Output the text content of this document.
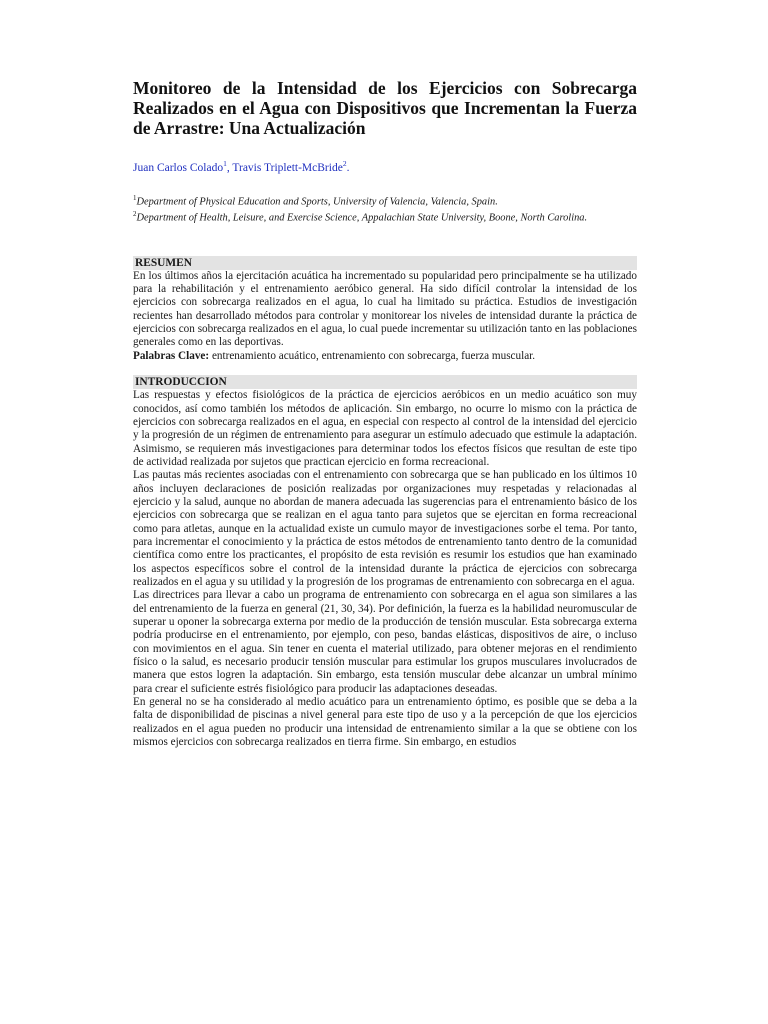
Monitoreo de la Intensidad de los Ejercicios con Sobrecarga Realizados en el Agua con Dispositivos que Incrementan la Fuerza de Arrastre: Una Actualización
Juan Carlos Colado$^1$, Travis Triplett-McBride$^2$.
$^1$Department of Physical Education and Sports, University of Valencia, Valencia, Spain.
$^2$Department of Health, Leisure, and Exercise Science, Appalachian State University, Boone, North Carolina.
RESUMEN

En los últimos años la ejercitación acuática ha incrementado su popularidad pero principalmente se ha utilizado para la rehabilitación y el entrenamiento aeróbico general. Ha sido difícil controlar la intensidad de los ejercicios con sobrecarga realizados en el agua, lo cual ha limitado su práctica. Estudios de investigación recientes han desarrollado métodos para controlar y monitorear los niveles de intensidad durante la práctica de ejercicios con sobrecarga realizados en el agua, lo cual puede incrementar su utilización tanto en las poblaciones generales como en las deportivas.

Palabras Clave: entrenamiento acuático, entrenamiento con sobrecarga, fuerza muscular.

INTRODUCCION

Las respuestas y efectos fisiológicos de la práctica de ejercicios aeróbicos en un medio acuático son muy conocidos, así como también los métodos de aplicación. Sin embargo, no ocurre lo mismo con la práctica de ejercicios con sobrecarga realizados en el agua, en especial con respecto al control de la intensidad del ejercicio y la progresión de un régimen de entrenamiento para asegurar un estímulo adecuado que estimule la adaptación. Asimismo, se requieren más investigaciones para determinar todos los efectos físicos que resultan de este tipo de actividad realizada por sujetos que practican ejercicio en forma recreacional.

Las pautas más recientes asociadas con el entrenamiento con sobrecarga que se han publicado en los últimos 10 años incluyen declaraciones de posición realizadas por organizaciones muy respetadas y relacionadas al ejercicio y la salud, aunque no abordan de manera adecuada las sugerencias para el entrenamiento básico de los ejercicios con sobrecarga que se realizan en el agua tanto para sujetos que se ejercitan en forma recreacional como para atletas, aunque en la actualidad existe un cumulo mayor de investigaciones sorbe el tema. Por tanto, para incrementar el conocimiento y la práctica de estos métodos de entrenamiento tanto dentro de la comunidad científica como entre los practicantes, el propósito de esta revisión es resumir los estudios que han examinado los aspectos específicos sobre el control de la intensidad durante la práctica de ejercicios con sobrecarga realizados en el agua y su utilidad y la progresión de los programas de entrenamiento con sobrecarga en el agua.

Las directrices para llevar a cabo un programa de entrenamiento con sobrecarga en el agua son similares a las del entrenamiento de la fuerza en general (21, 30, 34). Por definición, la fuerza es la habilidad neuromuscular de superar u oponer la sobrecarga externa por medio de la producción de tensión muscular. Esta sobrecarga externa podría producirse en el entrenamiento, por ejemplo, con peso, bandas elásticas, dispositivos de aire, o incluso con movimientos en el agua. Sin tener en cuenta el material utilizado, para obtener mejoras en el rendimiento físico o la salud, es necesario producir tensión muscular para estimular los grupos musculares involucrados de manera que estos logren la adaptación. Sin embargo, esta tensión muscular debe alcanzar un umbral mínimo para crear el suficiente estrés fisiológico para producir las adaptaciones deseadas.

En general no se ha considerado al medio acuático para un entrenamiento óptimo, es posible que se deba a la falta de disponibilidad de piscinas a nivel general para este tipo de uso y a la percepción de que los ejercicios realizados en el agua pueden no producir una intensidad de entrenamiento similar a la que se obtiene con los mismos ejercicios con sobrecarga realizados en tierra firme. Sin embargo, en estudios
